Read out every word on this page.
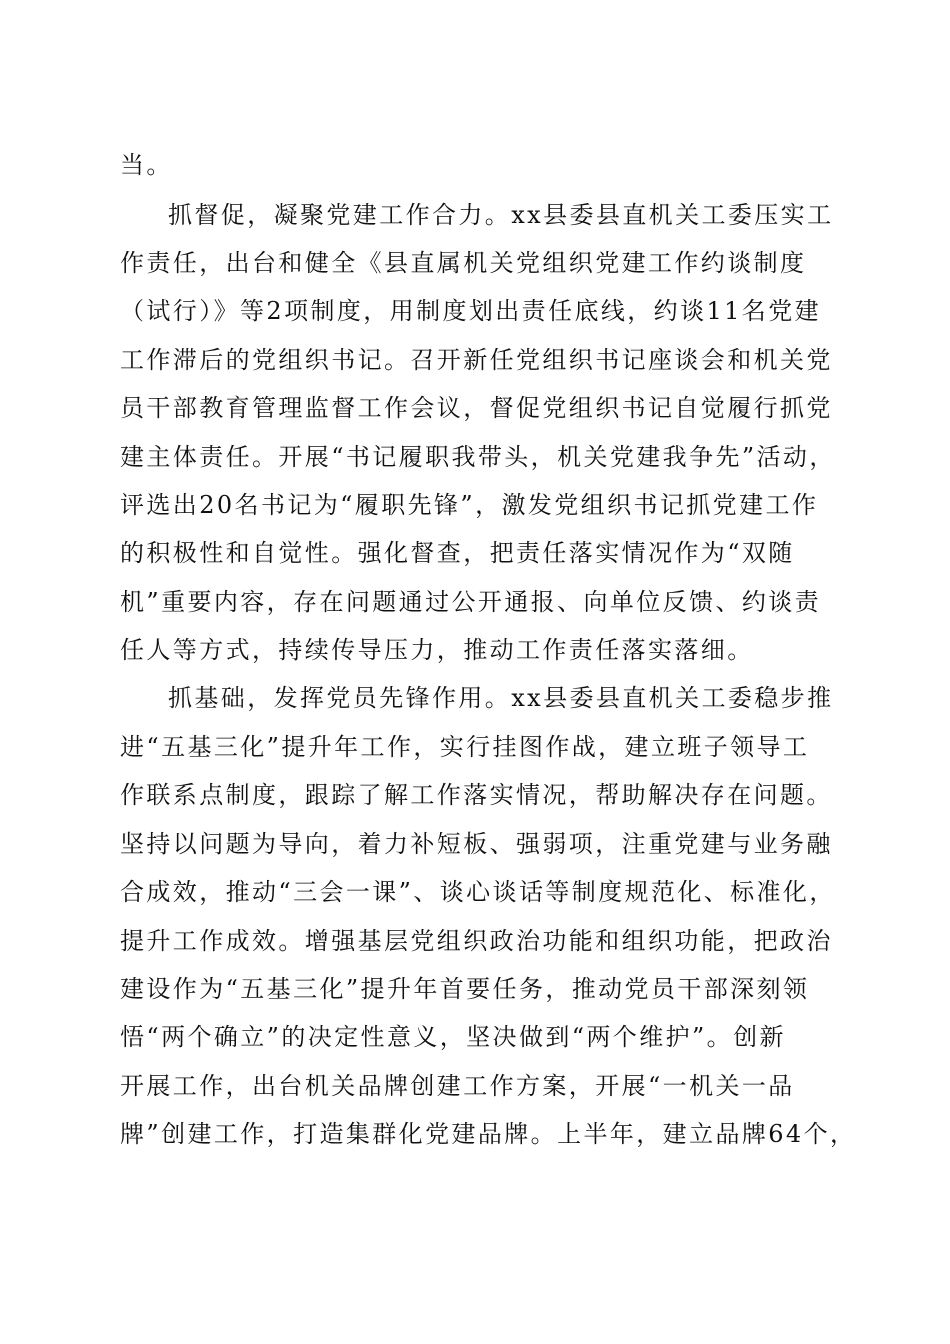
当。
抓督促，凝聚党建工作合力。xx县委县直机关工委压实工
作责任，出台和健全《县直属机关党组织党建工作约谈制度
（试行）》等2项制度，用制度划出责任底线，约谈11名党建
工作滞后的党组织书记。召开新任党组织书记座谈会和机关党
员干部教育管理监督工作会议，督促党组织书记自觉履行抓党
建主体责任。开展“书记履职我带头，机关党建我争先”活动，
评选出20名书记为“履职先锋”，激发党组织书记抓党建工作
的积极性和自觉性。强化督查，把责任落实情况作为“双随
机”重要内容，存在问题通过公开通报、向单位反馈、约谈责
任人等方式，持续传导压力，推动工作责任落实落细。
抓基础，发挥党员先锋作用。xx县委县直机关工委稳步推
进“五基三化”提升年工作，实行挂图作战，建立班子领导工
作联系点制度，跟踪了解工作落实情况，帮助解决存在问题。
坚持以问题为导向，着力补短板、强弱项，注重党建与业务融
合成效，推动“三会一课”、谈心谈话等制度规范化、标准化，
提升工作成效。增强基层党组织政治功能和组织功能，把政治
建设作为“五基三化”提升年首要任务，推动党员干部深刻领
悟“两个确立”的决定性意义，坚决做到“两个维护”。创新
开展工作，出台机关品牌创建工作方案，开展“一机关一品
牌”创建工作，打造集群化党建品牌。上半年，建立品牌64个，
